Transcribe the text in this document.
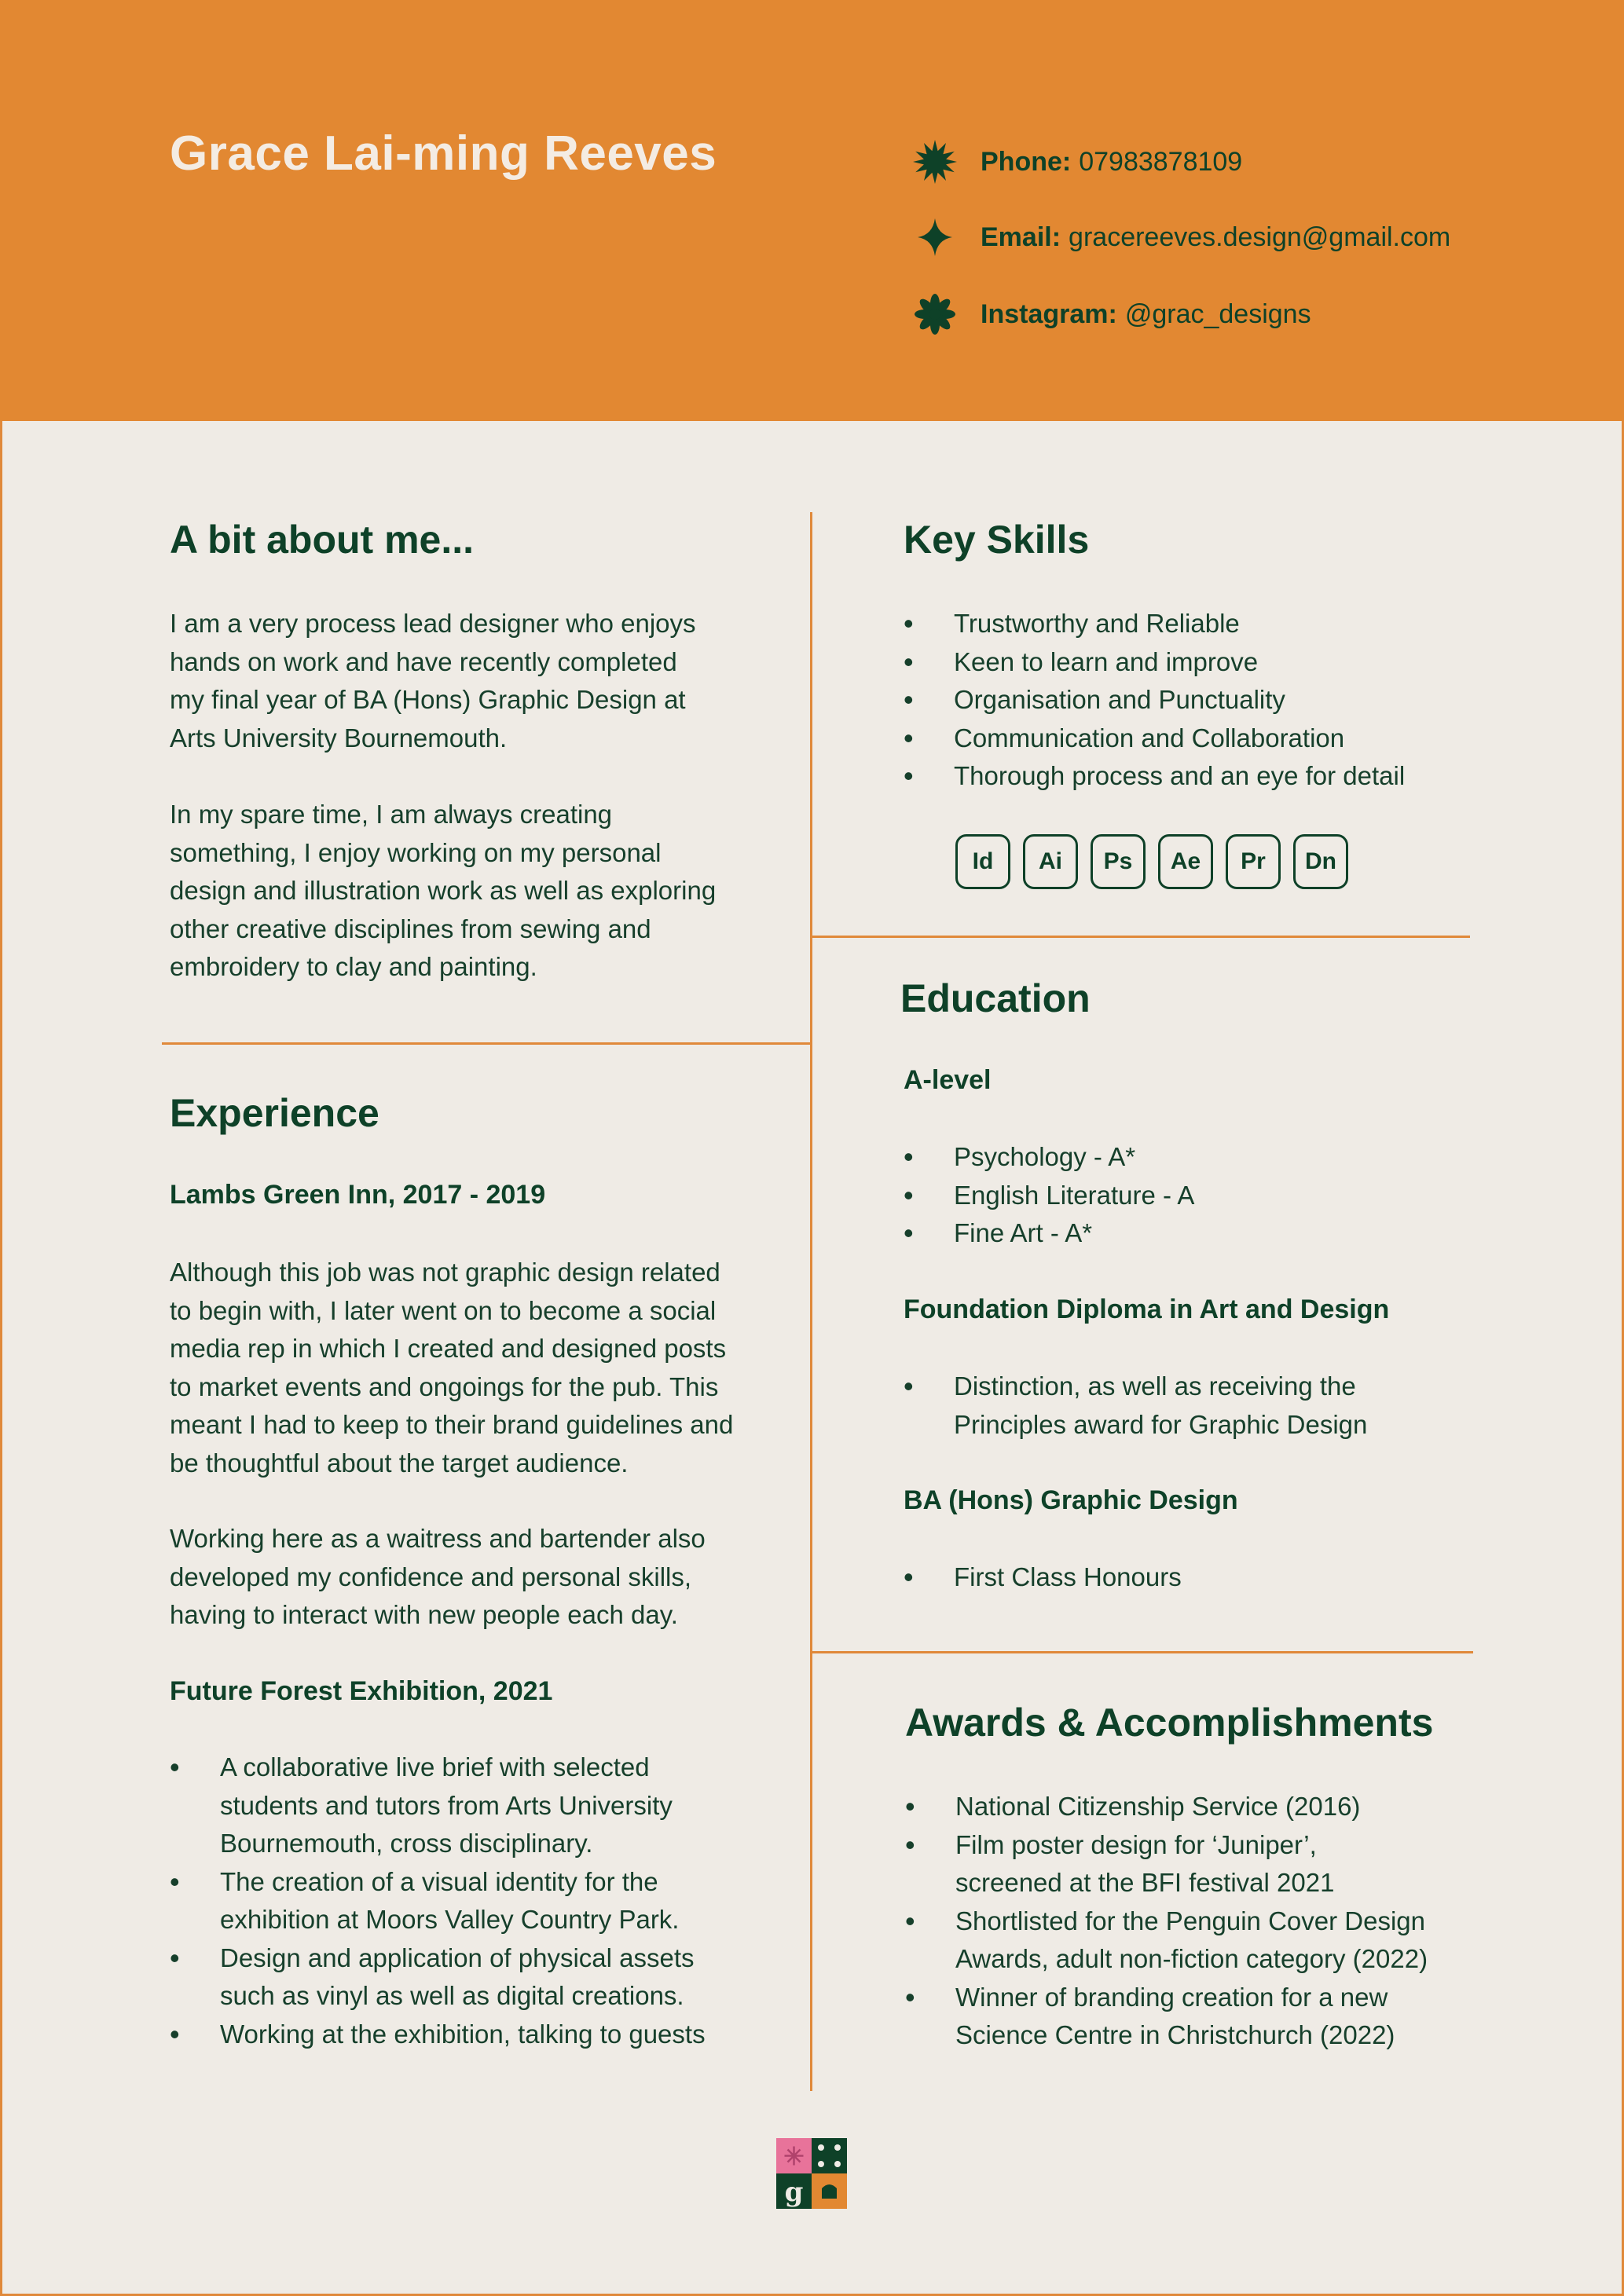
Grace Lai-ming Reeves	Phone: 07983878109
Email: gracereeves.design@gmail.com
Instagram: @grac_designs
A bit about me...
I am a very process lead designer who enjoys
hands on work and have recently completed
my final year of BA (Hons) Graphic Design at
Arts University Bournemouth.
In my spare time, I am always creating
something, I enjoy working on my personal
design and illustration work as well as exploring
other creative disciplines from sewing and
embroidery to clay and painting.
Experience
Lambs Green Inn, 2017 - 2019
Although this job was not graphic design related
to begin with, I later went on to become a social
media rep in which I created and designed posts
to market events and ongoings for the pub. This
meant I had to keep to their brand guidelines and
be thoughtful about the target audience.
Working here as a waitress and bartender also
developed my confidence and personal skills,
having to interact with new people each day.
Future Forest Exhibition, 2021
• A collaborative live brief with selected
students and tutors from Arts University
Bournemouth, cross disciplinary.
• The creation of a visual identity for the
exhibition at Moors Valley Country Park.
• Design and application of physical assets
such as vinyl as well as digital creations.
• Working at the exhibition, talking to guests
Key Skills
• Trustworthy and Reliable
• Keen to learn and improve
• Organisation and Punctuality
• Communication and Collaboration
• Thorough process and an eye for detail
Id	Ai	Ps	Ae	Pr	Dn
Education
A-level
• Psychology - A*
• English Literature - A
• Fine Art - A*
Foundation Diploma in Art and Design
• Distinction, as well as receiving the
Principles award for Graphic Design
BA (Hons) Graphic Design
• First Class Honours
Awards & Accomplishments
• National Citizenship Service (2016)
• Film poster design for ‘Juniper’,
screened at the BFI festival 2021
• Shortlisted for the Penguin Cover Design
Awards, adult non-fiction category (2022)
• Winner of branding creation for a new
Science Centre in Christchurch (2022)
g
